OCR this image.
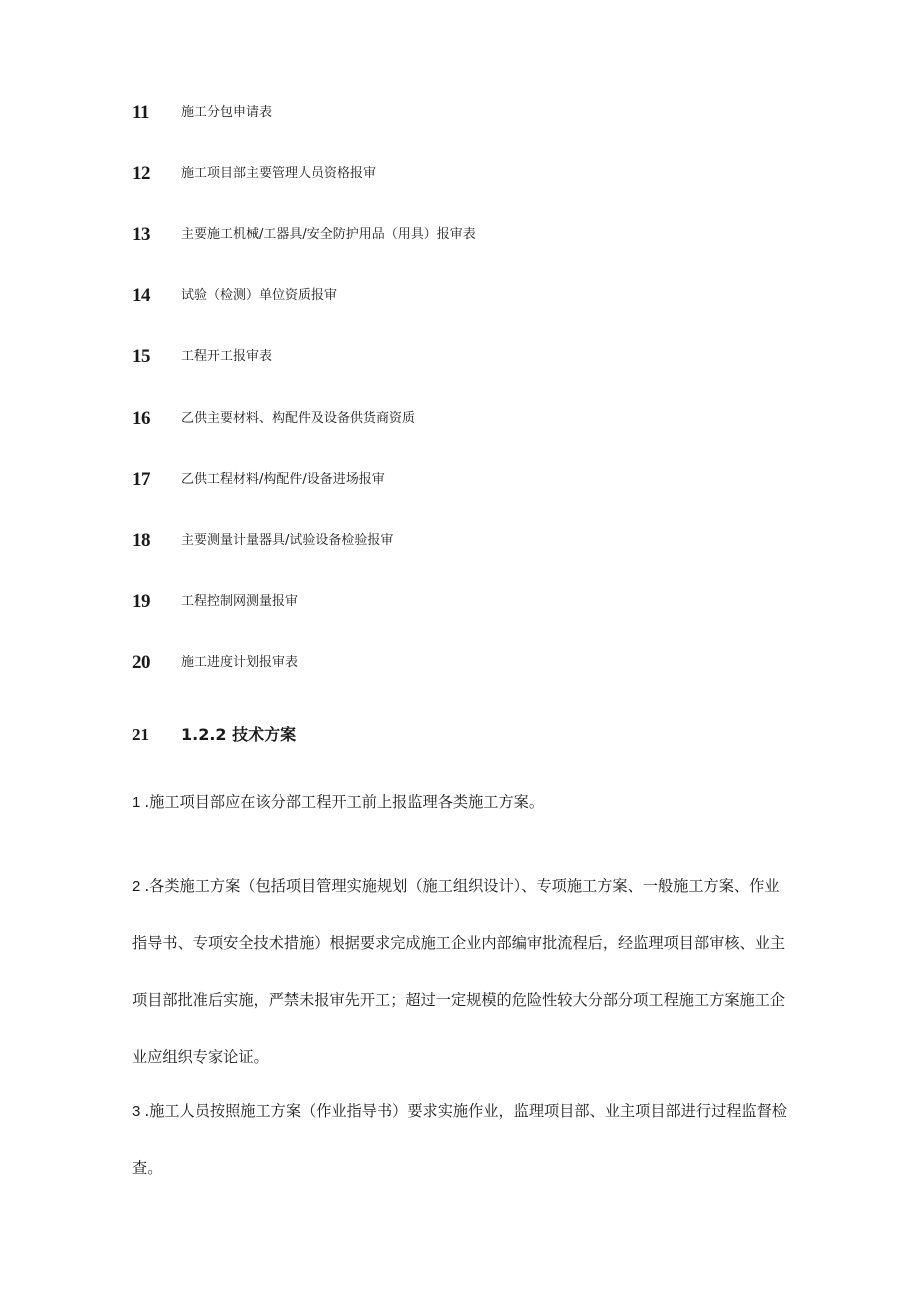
11 施工分包申请表
12 施工项目部主要管理人员资格报审
13 主要施工机械/工器具/安全防护用品（用具）报审表
14 试验（检测）单位资质报审
15 工程开工报审表
16 乙供主要材料、构配件及设备供货商资质
17 乙供工程材料/构配件/设备进场报审
18 主要测量计量器具/试验设备检验报审
19 工程控制网测量报审
20 施工进度计划报审表
21 1.2.2 技术方案

1 .施工项目部应在该分部工程开工前上报监理各类施工方案。

2 .各类施工方案（包括项目管理实施规划（施工组织设计）、专项施工方案、一般施工方案、作业指导书、专项安全技术措施）根据要求完成施工企业内部编审批流程后，经监理项目部审核、业主项目部批准后实施，严禁未报审先开工；超过一定规模的危险性较大分部分项工程施工方案施工企业应组织专家论证。

3 .施工人员按照施工方案（作业指导书）要求实施作业，监理项目部、业主项目部进行过程监督检查。
